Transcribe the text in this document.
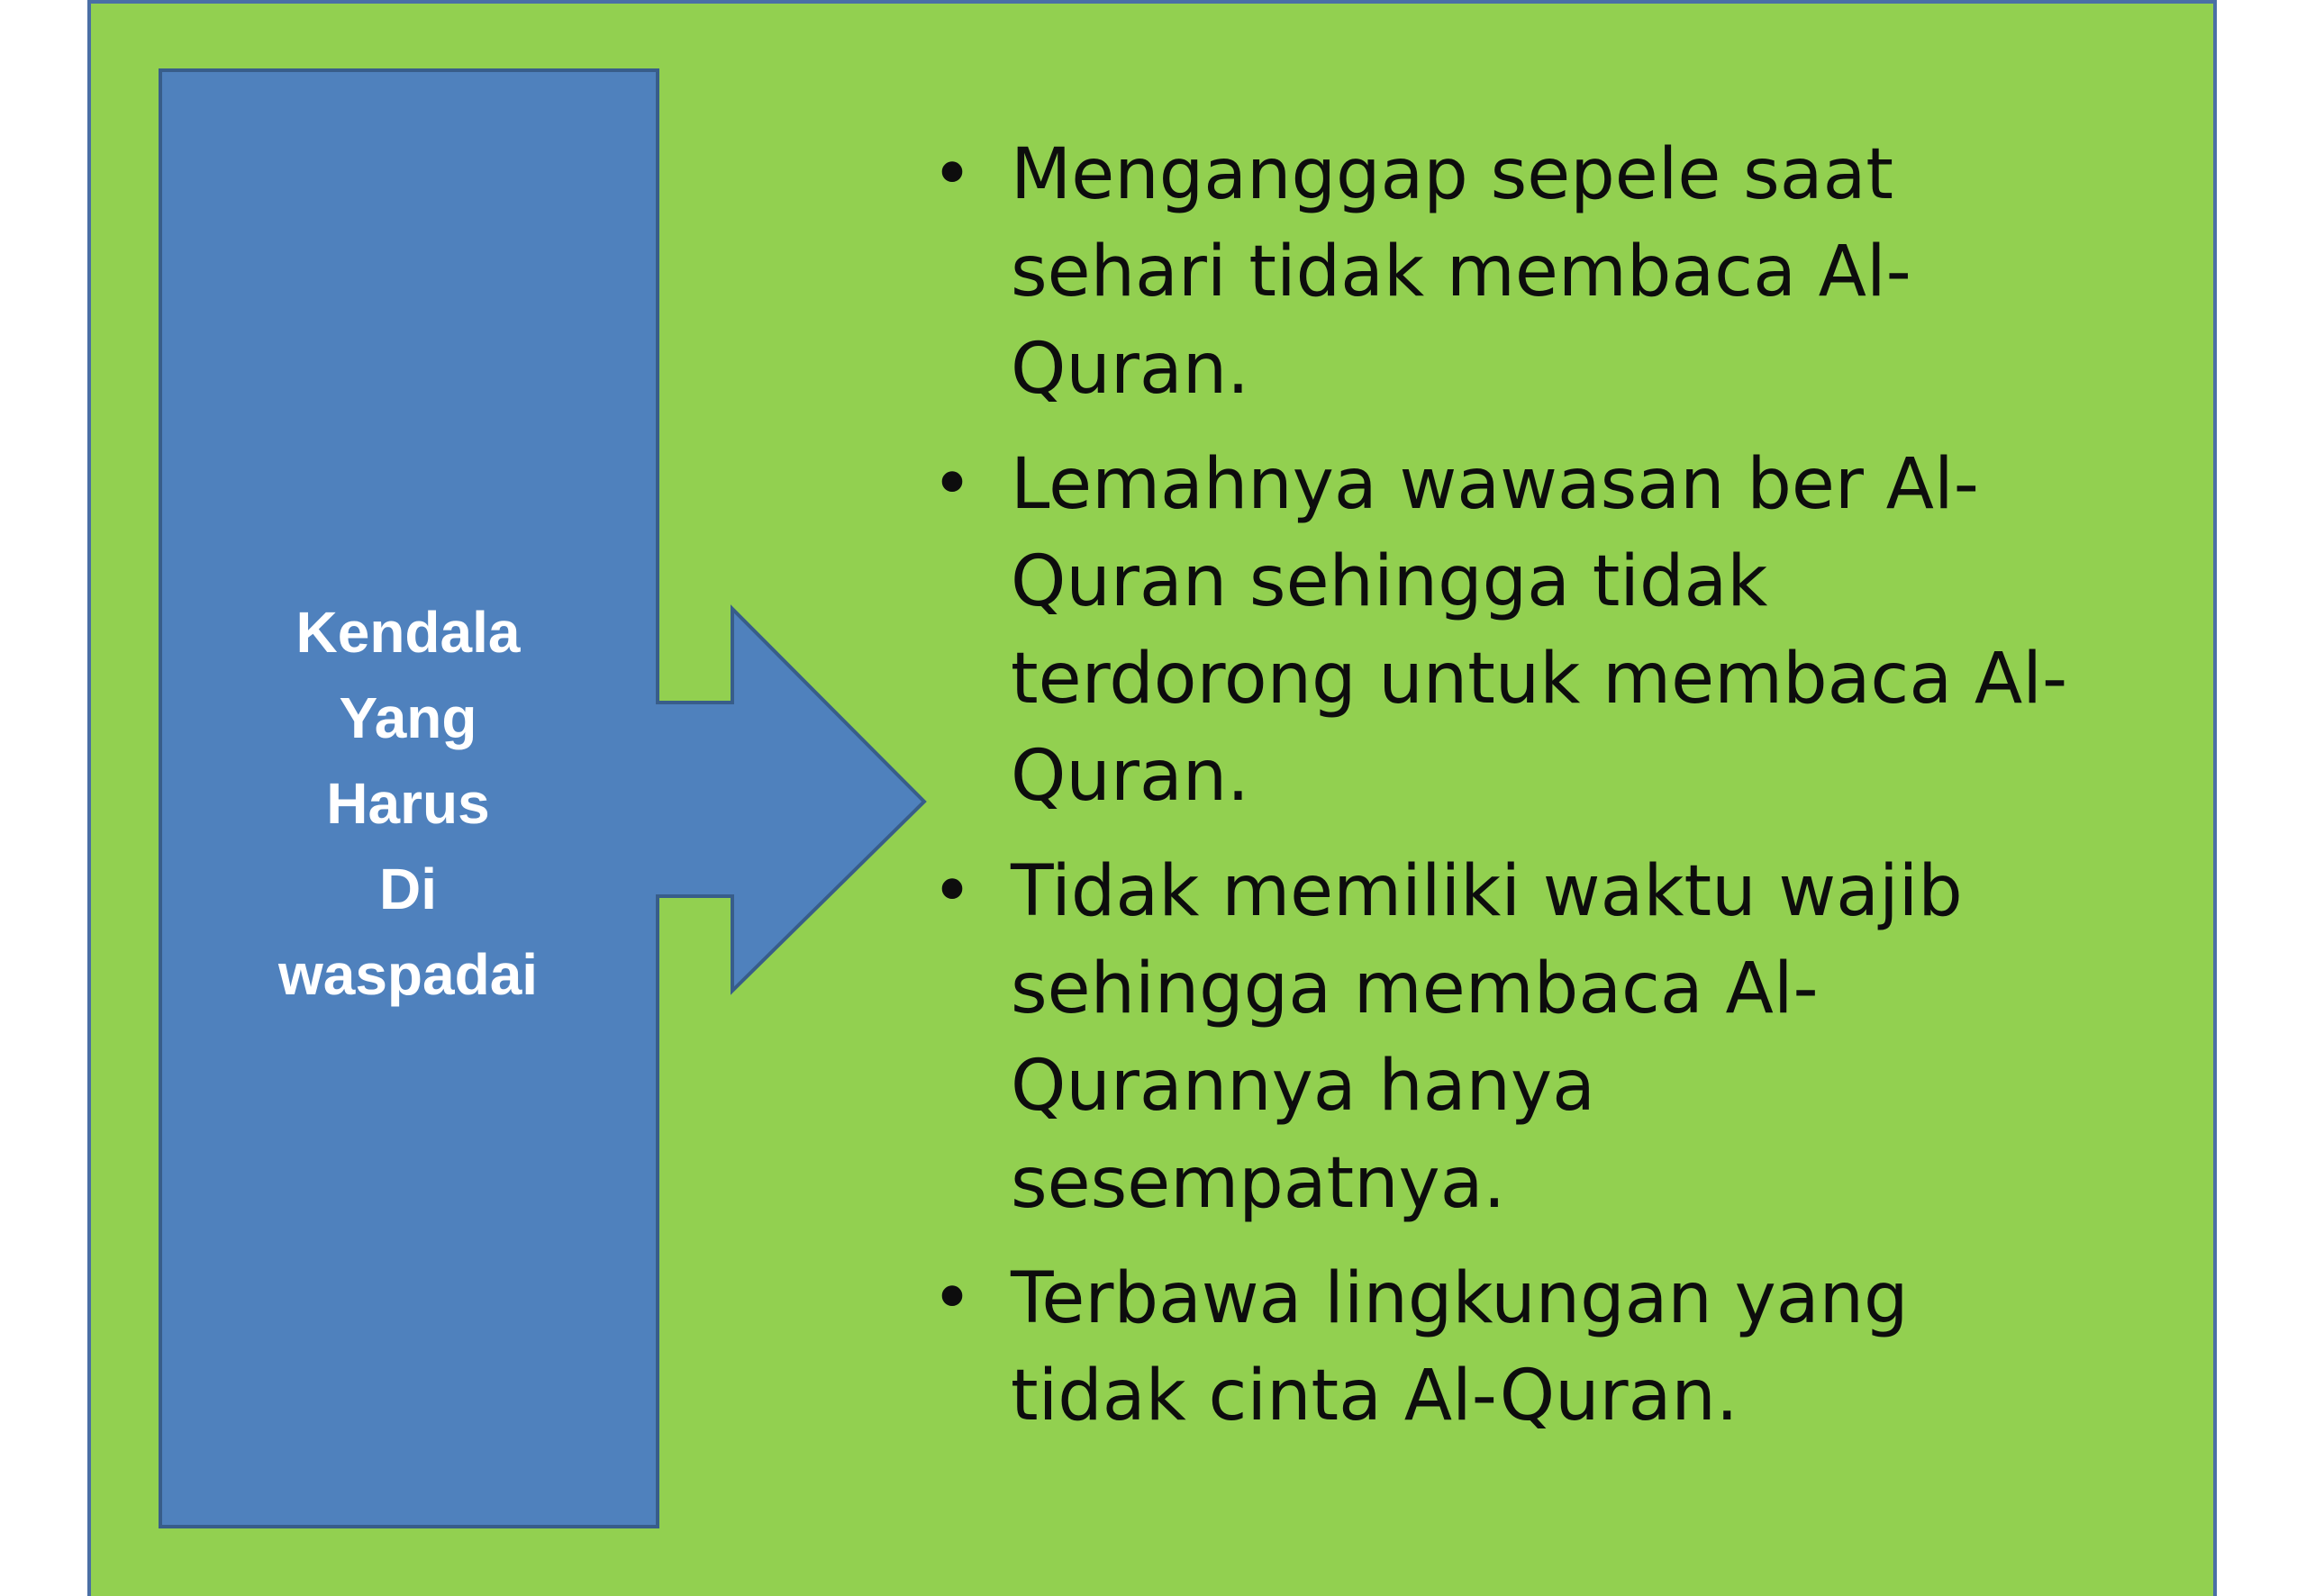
Kendala
Yang
Harus
Di
waspadai
• Menganggap sepele saat
sehari tidak membaca Al-
Quran.
• Lemahnya wawasan ber Al-
Quran sehingga tidak
terdorong untuk membaca Al-
Quran.
• Tidak memiliki waktu wajib
sehingga membaca Al-
Qurannya hanya
sesempatnya.
• Terbawa lingkungan yang
tidak cinta Al-Quran.
